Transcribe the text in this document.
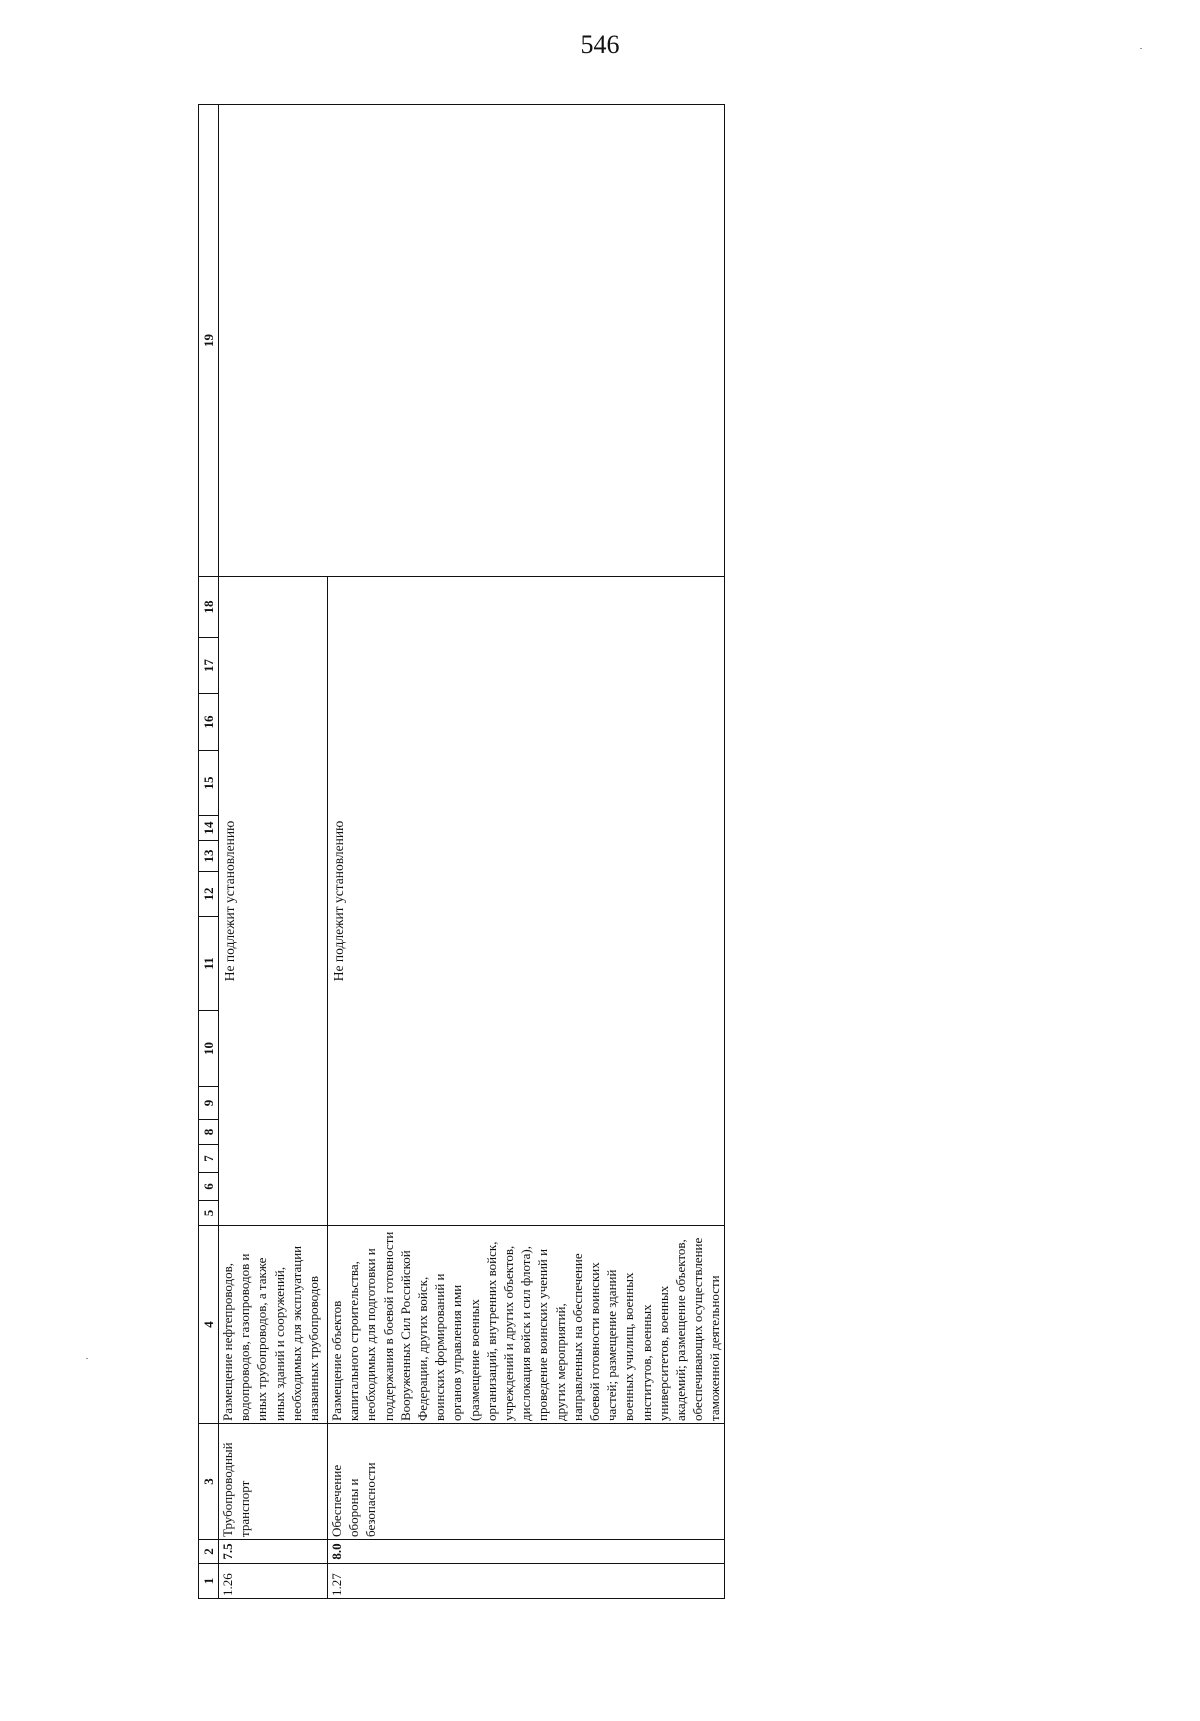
546
1	2	3	4	5	6	7	8	9	10	11	12	13	14	15	16	17	18	19
1.26	7.5	Трубопроводный транспорт	Размещение нефтепроводов, водопроводов, газопроводов и иных трубопроводов, а также иных зданий и сооружений, необходимых для эксплуатации названных трубопроводов	Не подлежит установлению														
1.27	8.0	Обеспечение обороны и безопасности	Размещение объектов капитального строительства, необходимых для подготовки и поддержания в боевой готовности Вооруженных Сил Российской Федерации, других войск, воинских формирований и органов управления ими (размещение военных организаций, внутренних войск, учреждений и других объектов, дислокация войск и сил флота), проведение воинских учений и других мероприятий, направленных на обеспечение боевой готовности воинских частей; размещение зданий военных училищ, военных институтов, военных университетов, военных академий; размещение объектов, обеспечивающих осуществление таможенной деятельности	Не подлежит установлению														
